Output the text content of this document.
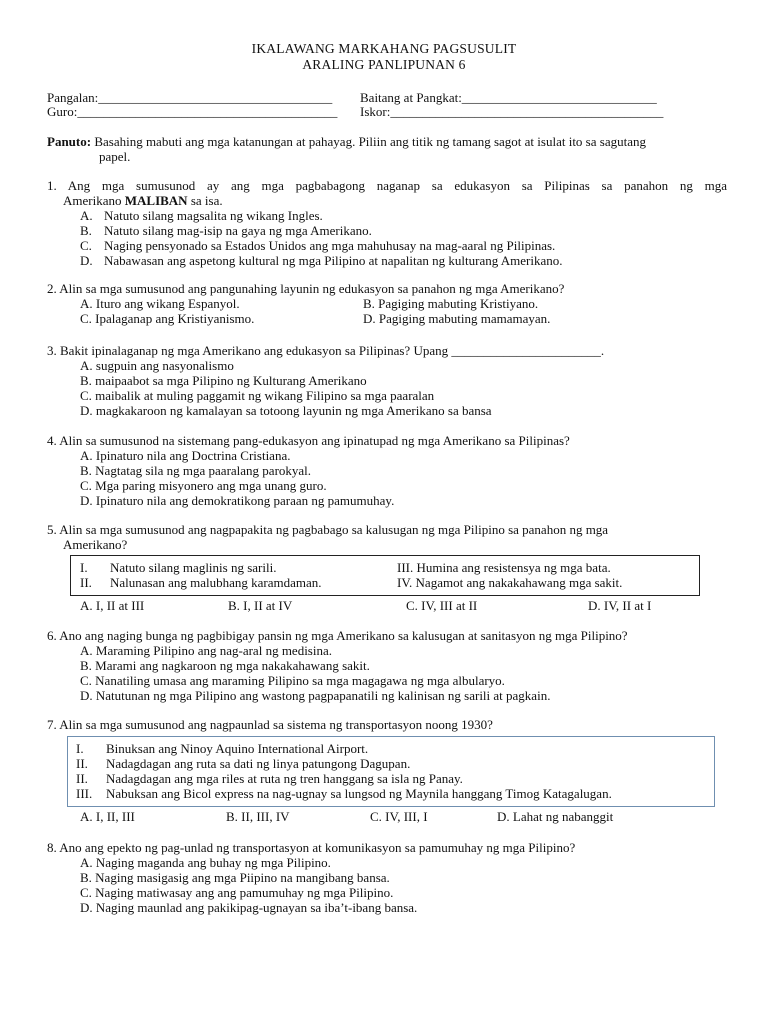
IKALAWANG MARKAHANG PAGSUSULIT
ARALING PANLIPUNAN 6
Pangalan:____________________________________ Baitang at Pangkat:______________________________
Guro:________________________________________ Iskor:__________________________________________
Panuto: Basahing mabuti ang mga katanungan at pahayag. Piliin ang titik ng tamang sagot at isulat ito sa sagutang
papel.
1. Ang mga sumusunod ay ang mga pagbabagong naganap sa edukasyon sa Pilipinas sa panahon ng mga
Amerikano MALIBAN sa isa.
A. Natuto silang magsalita ng wikang Ingles.
B. Natuto silang mag-isip na gaya ng mga Amerikano.
C. Naging pensyonado sa Estados Unidos ang mga mahuhusay na mag-aaral ng Pilipinas.
D. Nabawasan ang aspetong kultural ng mga Pilipino at napalitan ng kulturang Amerikano.
2. Alin sa mga sumusunod ang pangunahing layunin ng edukasyon sa panahon ng mga Amerikano?
A. Ituro ang wikang Espanyol.	B. Pagiging mabuting Kristiyano.
C. Ipalaganap ang Kristiyanismo.	D. Pagiging mabuting mamamayan.
3. Bakit ipinalaganap ng mga Amerikano ang edukasyon sa Pilipinas? Upang _______________________.
A. sugpuin ang nasyonalismo
B. maipaabot sa mga Pilipino ng Kulturang Amerikano
C. maibalik at muling paggamit ng wikang Filipino sa mga paaralan
D. magkakaroon ng kamalayan sa totoong layunin ng mga Amerikano sa bansa
4. Alin sa sumusunod na sistemang pang-edukasyon ang ipinatupad ng mga Amerikano sa Pilipinas?
A. Ipinaturo nila ang Doctrina Cristiana.
B. Nagtatag sila ng mga paaralang parokyal.
C. Mga paring misyonero ang mga unang guro.
D. Ipinaturo nila ang demokratikong paraan ng pamumuhay.
5. Alin sa mga sumusunod ang nagpapakita ng pagbabago sa kalusugan ng mga Pilipino sa panahon ng mga
Amerikano?
I. Natuto silang maglinis ng sarili.	III. Humina ang resistensya ng mga bata.
II. Nalunasan ang malubhang karamdaman.	IV. Nagamot ang nakakahawang mga sakit.
A. I, II at III	B. I, II at IV	C. IV, III at II	D. IV, II at I
6. Ano ang naging bunga ng pagbibigay pansin ng mga Amerikano sa kalusugan at sanitasyon ng mga Pilipino?
A. Maraming Pilipino ang nag-aral ng medisina.
B. Marami ang nagkaroon ng mga nakakahawang sakit.
C. Nanatiling umasa ang maraming Pilipino sa mga magagawa ng mga albularyo.
D. Natutunan ng mga Pilipino ang wastong pagpapanatili ng kalinisan ng sarili at pagkain.
7. Alin sa mga sumusunod ang nagpaunlad sa sistema ng transportasyon noong 1930?
I. Binuksan ang Ninoy Aquino International Airport.
II. Nadagdagan ang ruta sa dati ng linya patungong Dagupan.
II. Nadagdagan ang mga riles at ruta ng tren hanggang sa isla ng Panay.
III. Nabuksan ang Bicol express na nag-ugnay sa lungsod ng Maynila hanggang Timog Katagalugan.
A. I, II, III	B. II, III, IV	C. IV, III, I	D. Lahat ng nabanggit
8. Ano ang epekto ng pag-unlad ng transportasyon at komunikasyon sa pamumuhay ng mga Pilipino?
A. Naging maganda ang buhay ng mga Pilipino.
B. Naging masigasig ang mga Piipino na mangibang bansa.
C. Naging matiwasay ang ang pamumuhay ng mga Pilipino.
D. Naging maunlad ang pakikipag-ugnayan sa iba’t-ibang bansa.
